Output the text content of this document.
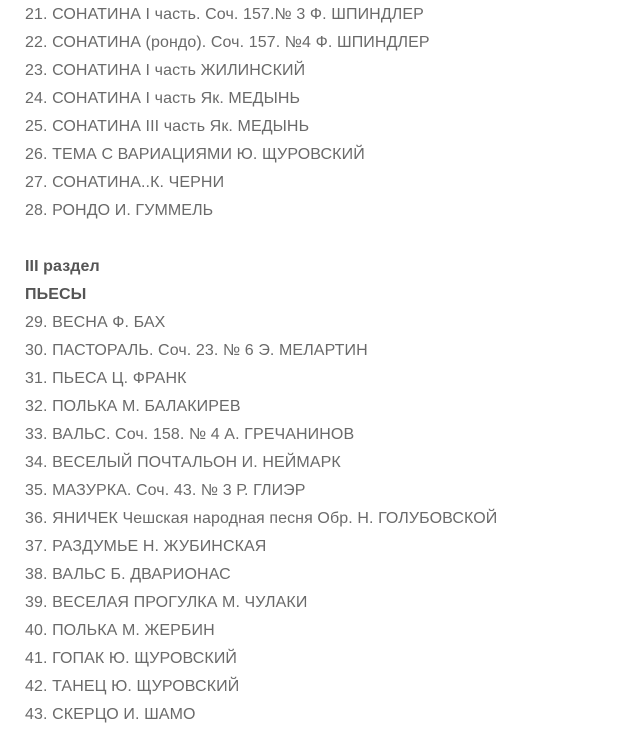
21. СОНАТИНА I часть. Соч. 157.№ 3 Ф. ШПИНДЛЕР

22. СОНАТИНА (рондо). Соч. 157. №4 Ф. ШПИНДЛЕР

23. СОНАТИНА I часть ЖИЛИНСКИЙ

24. СОНАТИНА I часть Як. МЕДЫНЬ

25. СОНАТИНА III часть Як. МЕДЫНЬ

26. ТЕМА С ВАРИАЦИЯМИ Ю. ЩУРОВСКИЙ

27. СОНАТИНА..К. ЧЕРНИ

28. РОНДО И. ГУММЕЛЬ

III раздел

ПЬЕСЫ

29. ВЕСНА Ф. БАХ

30. ПАСТОРАЛЬ. Соч. 23. № 6 Э. МЕЛАРТИН

31. ПЬЕСА Ц. ФРАНК

32. ПОЛЬКА М. БАЛАКИРЕВ

33. ВАЛЬС. Соч. 158. № 4 А. ГРЕЧАНИНОВ

34. ВЕСЕЛЫЙ ПОЧТАЛЬОН И. НЕЙМАРК

35. МАЗУРКА. Соч. 43. № 3 Р. ГЛИЭР

36. ЯНИЧЕК Чешская народная песня Обр. Н. ГОЛУБОВСКОЙ

37. РАЗДУМЬЕ Н. ЖУБИНСКАЯ

38. ВАЛЬС Б. ДВАРИОНАС

39. ВЕСЕЛАЯ ПРОГУЛКА М. ЧУЛАКИ

40. ПОЛЬКА М. ЖЕРБИН

41. ГОПАК Ю. ЩУРОВСКИЙ

42. ТАНЕЦ Ю. ЩУРОВСКИЙ

43. СКЕРЦО И. ШАМО
